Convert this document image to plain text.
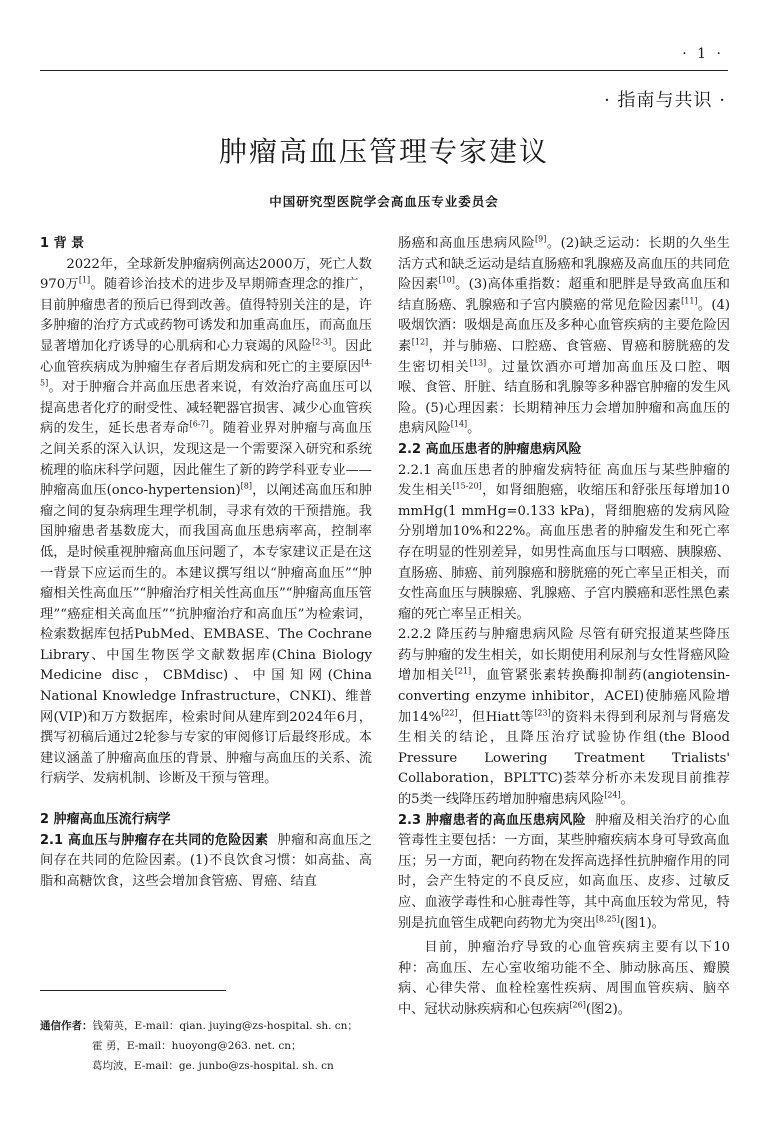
· 1 ·
· 指南与共识 ·
肿瘤高血压管理专家建议
中国研究型医院学会高血压专业委员会
1 背 景

2022年，全球新发肿瘤病例高达2000万，死亡人数970万[1]。随着诊治技术的进步及早期筛查理念的推广，目前肿瘤患者的预后已得到改善。值得特别关注的是，许多肿瘤的治疗方式或药物可诱发和加重高血压，而高血压显著增加化疗诱导的心肌病和心力衰竭的风险[2-3]。因此心血管疾病成为肿瘤生存者后期发病和死亡的主要原因[4-5]。对于肿瘤合并高血压患者来说，有效治疗高血压可以提高患者化疗的耐受性、减轻靶器官损害、减少心血管疾病的发生，延长患者寿命[6-7]。随着业界对肿瘤与高血压之间关系的深入认识，发现这是一个需要深入研究和系统梳理的临床科学问题，因此催生了新的跨学科亚专业——肿瘤高血压(onco-hypertension)[8]，以阐述高血压和肿瘤之间的复杂病理生理学机制，寻求有效的干预措施。我国肿瘤患者基数庞大，而我国高血压患病率高，控制率低，是时候重视肿瘤高血压问题了，本专家建议正是在这一背景下应运而生的。本建议撰写组以“肿瘤高血压”“肿瘤相关性高血压”“肿瘤治疗相关性高血压”“肿瘤高血压管理”“癌症相关高血压”“抗肿瘤治疗和高血压”为检索词，检索数据库包括PubMed、EMBASE、The Cochrane Library、中国生物医学文献数据库(China Biology Medicine disc，CBMdisc)、中国知网(China National Knowledge Infrastructure，CNKI)、维普网(VIP)和万方数据库，检索时间从建库到2024年6月，撰写初稿后通过2轮参与专家的审阅修订后最终形成。本建议涵盖了肿瘤高血压的背景、肿瘤与高血压的关系、流行病学、发病机制、诊断及干预与管理。

2 肿瘤高血压流行病学

2.1 高血压与肿瘤存在共同的危险因素 肿瘤和高血压之间存在共同的危险因素。(1)不良饮食习惯：如高盐、高脂和高糖饮食，这些会增加食管癌、胃癌、结直

肠癌和高血压患病风险[9]。(2)缺乏运动：长期的久坐生活方式和缺乏运动是结直肠癌和乳腺癌及高血压的共同危险因素[10]。(3)高体重指数：超重和肥胖是导致高血压和结直肠癌、乳腺癌和子宫内膜癌的常见危险因素[11]。(4)吸烟饮酒：吸烟是高血压及多种心血管疾病的主要危险因素[12]，并与肺癌、口腔癌、食管癌、胃癌和膀胱癌的发生密切相关[13]。过量饮酒亦可增加高血压及口腔、咽喉、食管、肝脏、结直肠和乳腺等多种器官肿瘤的发生风险。(5)心理因素：长期精神压力会增加肿瘤和高血压的患病风险[14]。

2.2 高血压患者的肿瘤患病风险

2.2.1 高血压患者的肿瘤发病特征 高血压与某些肿瘤的发生相关[15-20]，如肾细胞癌，收缩压和舒张压每增加10 mmHg(1 mmHg=0.133 kPa)，肾细胞癌的发病风险分别增加10%和22%。高血压患者的肿瘤发生和死亡率存在明显的性别差异，如男性高血压与口咽癌、胰腺癌、直肠癌、肺癌、前列腺癌和膀胱癌的死亡率呈正相关，而女性高血压与胰腺癌、乳腺癌、子宫内膜癌和恶性黑色素瘤的死亡率呈正相关。

2.2.2 降压药与肿瘤患病风险 尽管有研究报道某些降压药与肿瘤的发生相关，如长期使用利尿剂与女性肾癌风险增加相关[21]，血管紧张素转换酶抑制药(angiotensin-converting enzyme inhibitor，ACEI)使肺癌风险增加14%[22]，但Hiatt等[23]的资料未得到利尿剂与肾癌发生相关的结论，且降压治疗试验协作组(the Blood Pressure Lowering Treatment Trialists' Collaboration，BPLTTC)荟萃分析亦未发现目前推荐的5类一线降压药增加肿瘤患病风险[24]。

2.3 肿瘤患者的高血压患病风险 肿瘤及相关治疗的心血管毒性主要包括：一方面，某些肿瘤疾病本身可导致高血压；另一方面，靶向药物在发挥高选择性抗肿瘤作用的同时，会产生特定的不良反应，如高血压、皮疹、过敏反应、血液学毒性和心脏毒性等，其中高血压较为常见，特别是抗血管生成靶向药物尤为突出[8,25](图1)。

目前，肿瘤治疗导致的心血管疾病主要有以下10种：高血压、左心室收缩功能不全、肺动脉高压、瓣膜病、心律失常、血栓栓塞性疾病、周围血管疾病、脑卒中、冠状动脉疾病和心包疾病[26](图2)。

通信作者：钱菊英，E-mail：qian. juying@zs-hospital. sh. cn；
霍 勇，E-mail：huoyong@263. net. cn；
葛均波，E-mail：ge. junbo@zs-hospital. sh. cn
